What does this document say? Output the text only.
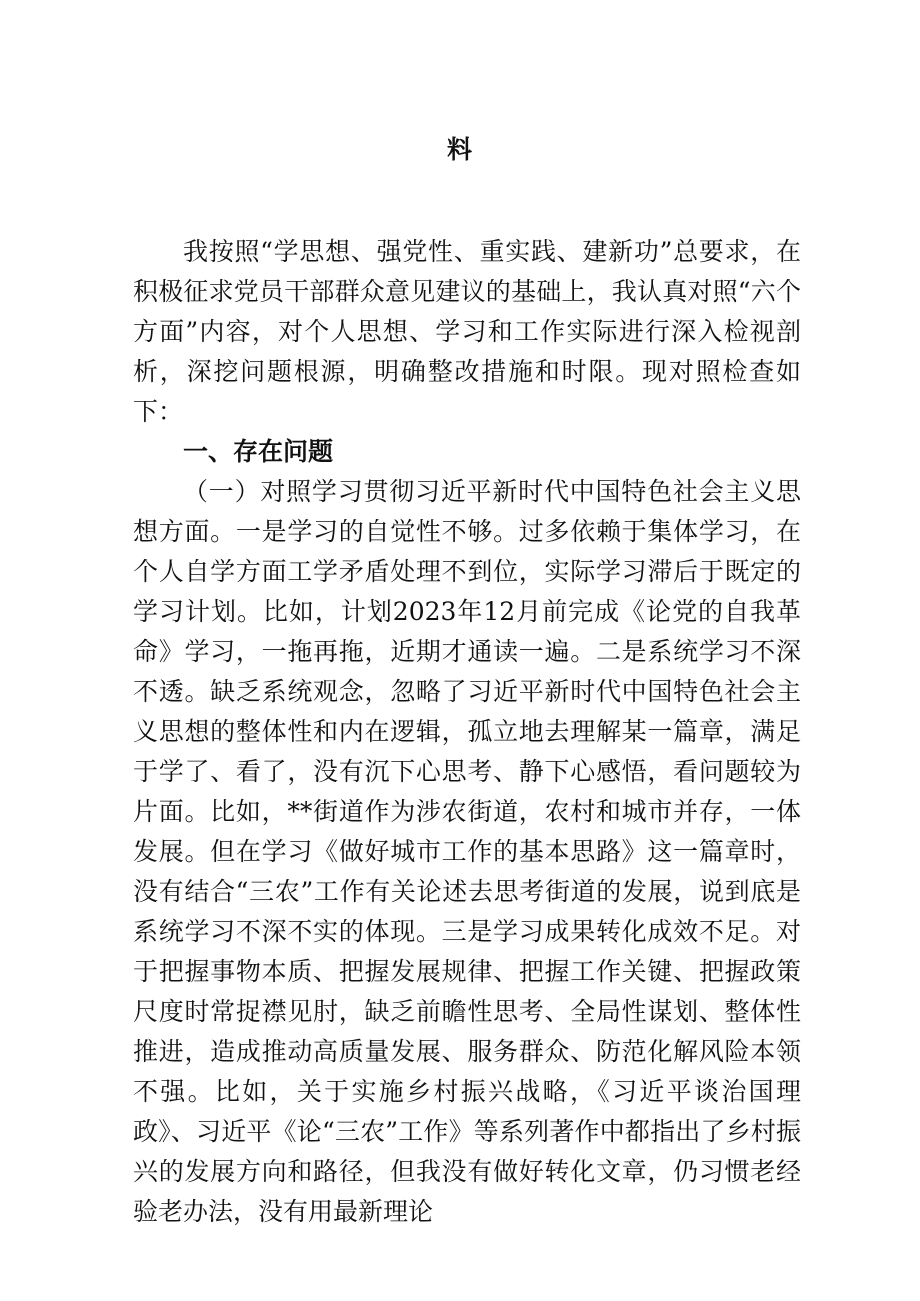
料

我按照“学思想、强党性、重实践、建新功”总要求，在积极征求党员干部群众意见建议的基础上，我认真对照“六个方面”内容，对个人思想、学习和工作实际进行深入检视剖析，深挖问题根源，明确整改措施和时限。现对照检查如下：

一、存在问题

（一）对照学习贯彻习近平新时代中国特色社会主义思想方面。一是学习的自觉性不够。过多依赖于集体学习，在个人自学方面工学矛盾处理不到位，实际学习滞后于既定的学习计划。比如，计划2023年12月前完成《论党的自我革命》学习，一拖再拖，近期才通读一遍。二是系统学习不深不透。缺乏系统观念，忽略了习近平新时代中国特色社会主义思想的整体性和内在逻辑，孤立地去理解某一篇章，满足于学了、看了，没有沉下心思考、静下心感悟，看问题较为片面。比如，**街道作为涉农街道，农村和城市并存，一体发展。但在学习《做好城市工作的基本思路》这一篇章时，没有结合“三农”工作有关论述去思考街道的发展，说到底是系统学习不深不实的体现。三是学习成果转化成效不足。对于把握事物本质、把握发展规律、把握工作关键、把握政策尺度时常捉襟见肘，缺乏前瞻性思考、全局性谋划、整体性推进，造成推动高质量发展、服务群众、防范化解风险本领不强。比如，关于实施乡村振兴战略，《习近平谈治国理政》、习近平《论“三农”工作》等系列著作中都指出了乡村振兴的发展方向和路径，但我没有做好转化文章，仍习惯老经验老办法，没有用最新理论
